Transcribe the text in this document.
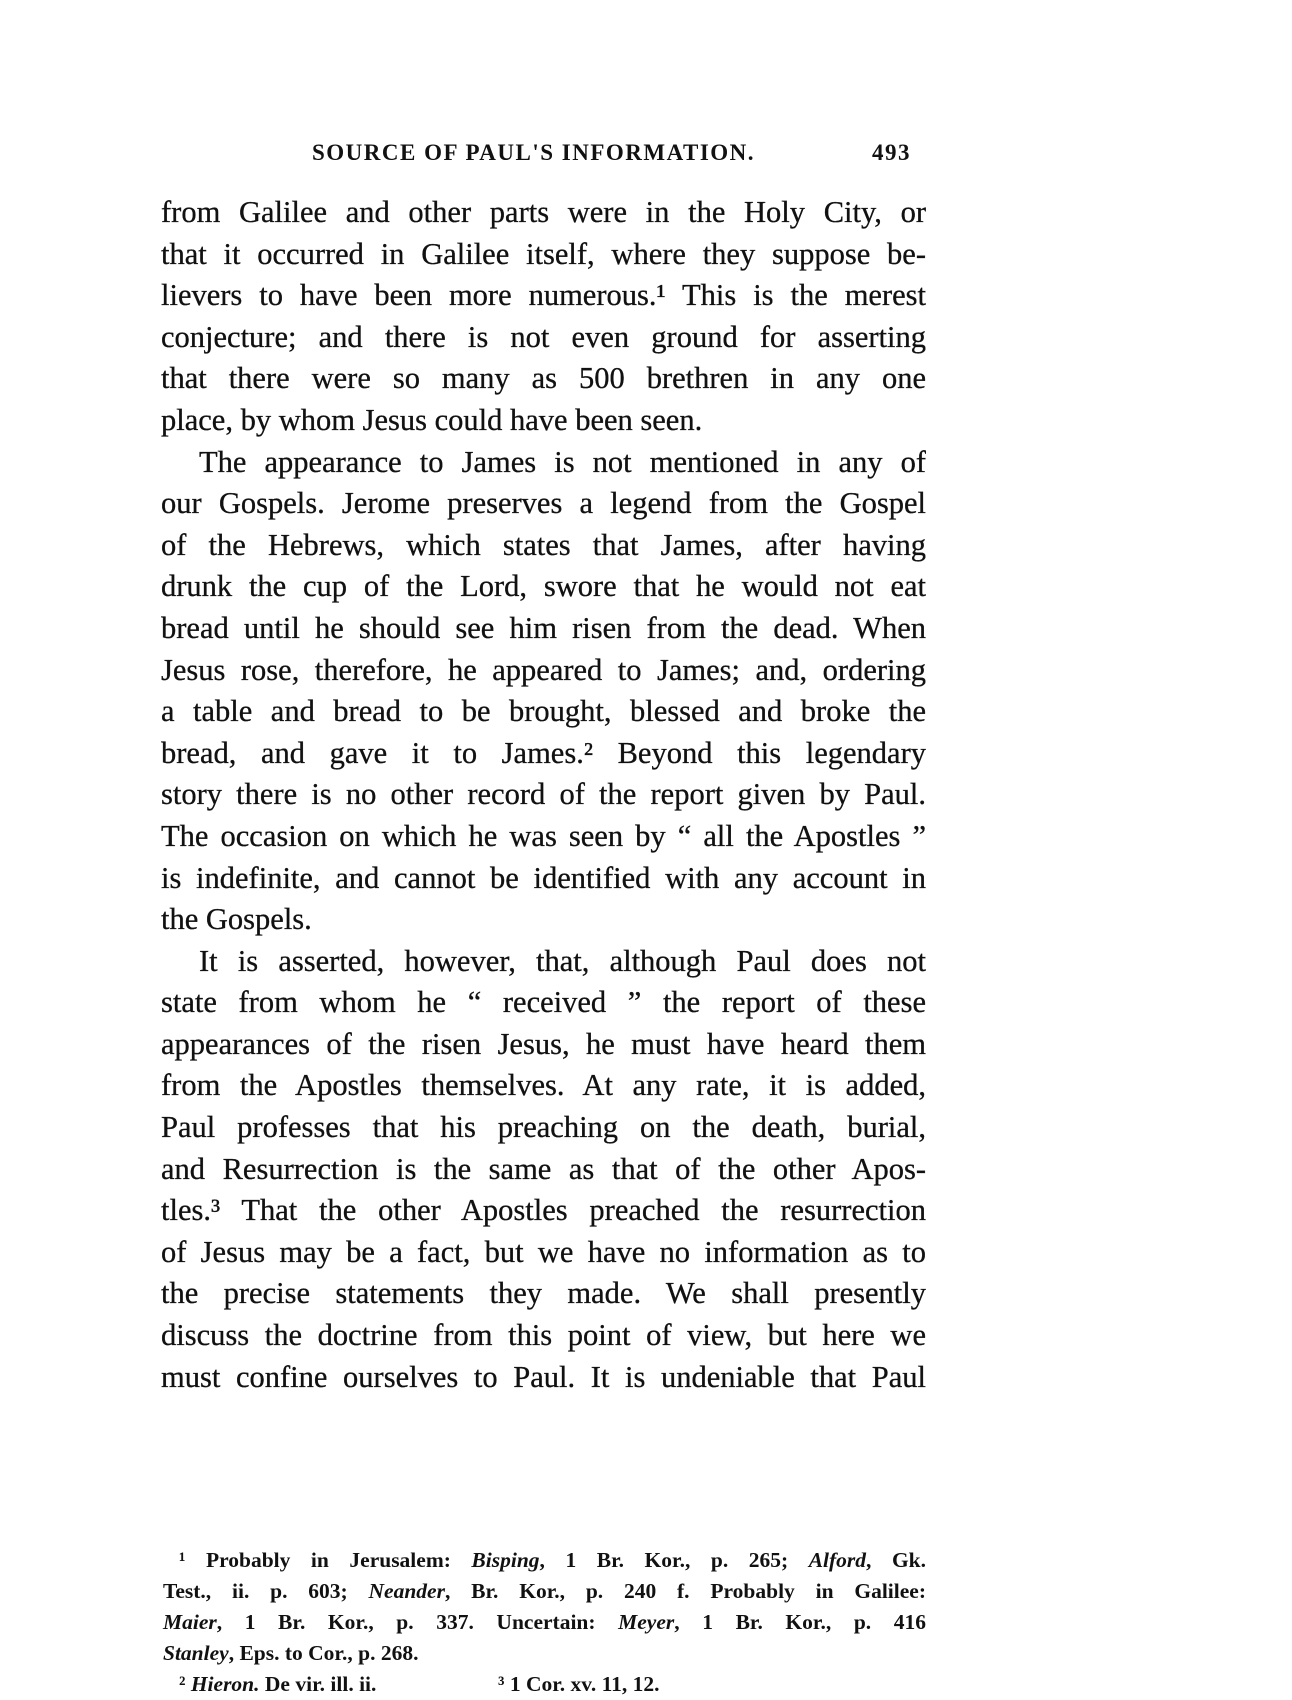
SOURCE OF PAUL'S INFORMATION.	493
from Galilee and other parts were in the Holy City, or
that it occurred in Galilee itself, where they suppose be-
lievers to have been more numerous.¹ This is the merest
conjecture; and there is not even ground for asserting
that there were so many as 500 brethren in any one
place, by whom Jesus could have been seen.
The appearance to James is not mentioned in any of
our Gospels. Jerome preserves a legend from the Gospel
of the Hebrews, which states that James, after having
drunk the cup of the Lord, swore that he would not eat
bread until he should see him risen from the dead. When
Jesus rose, therefore, he appeared to James; and, ordering
a table and bread to be brought, blessed and broke the
bread, and gave it to James.² Beyond this legendary
story there is no other record of the report given by Paul.
The occasion on which he was seen by “ all the Apostles ”
is indefinite, and cannot be identified with any account in
the Gospels.
It is asserted, however, that, although Paul does not
state from whom he “ received ” the report of these
appearances of the risen Jesus, he must have heard them
from the Apostles themselves. At any rate, it is added,
Paul professes that his preaching on the death, burial,
and Resurrection is the same as that of the other Apos-
tles.³ That the other Apostles preached the resurrection
of Jesus may be a fact, but we have no information as to
the precise statements they made. We shall presently
discuss the doctrine from this point of view, but here we
must confine ourselves to Paul. It is undeniable that Paul
¹ Probably in Jerusalem: Bisping, 1 Br. Kor., p. 265; Alford, Gk.
Test., ii. p. 603; Neander, Br. Kor., p. 240 f. Probably in Galilee:
Maier, 1 Br. Kor., p. 337. Uncertain: Meyer, 1 Br. Kor., p. 416
Stanley, Eps. to Cor., p. 268.
² Hieron. De vir. ill. ii.	³ 1 Cor. xv. 11, 12.
